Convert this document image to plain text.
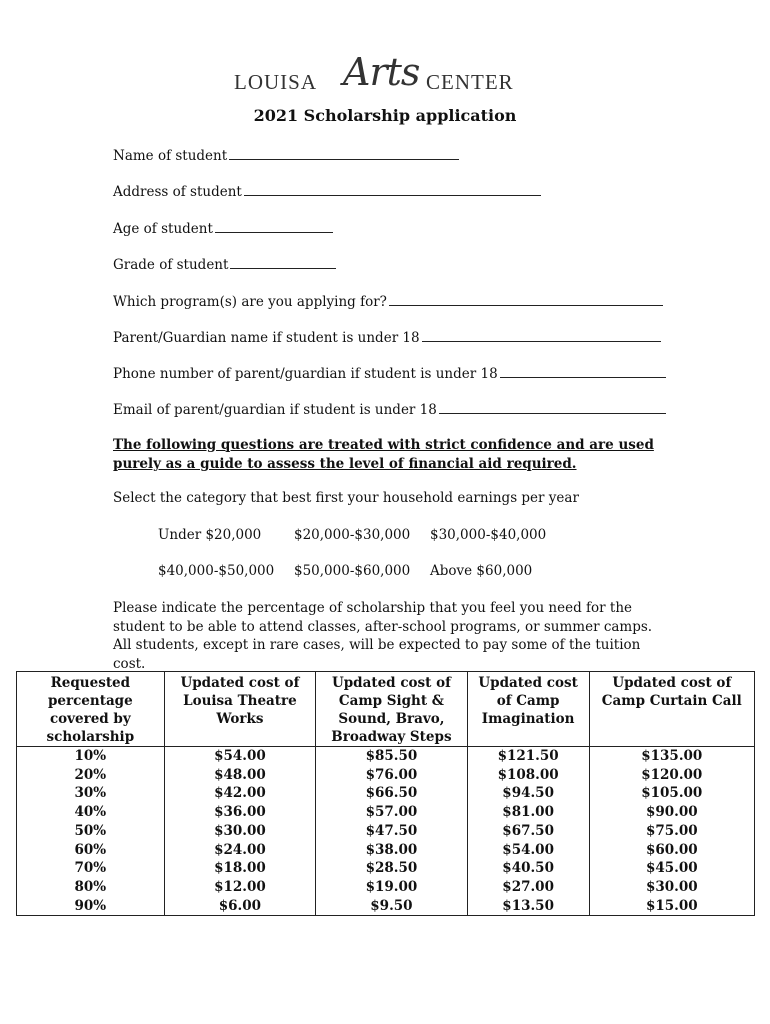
LOUISA Arts CENTER
2021 Scholarship application
Name of student
Address of student
Age of student
Grade of student
Which program(s) are you applying for?
Parent/Guardian name if student is under 18
Phone number of parent/guardian if student is under 18
Email of parent/guardian if student is under 18
The following questions are treated with strict confidence and are used purely as a guide to assess the level of financial aid required.
Select the category that best first your household earnings per year
Under $20,000 $20,000-$30,000 $30,000-$40,000
$40,000-$50,000 $50,000-$60,000 Above $60,000
Please indicate the percentage of scholarship that you feel you need for the student to be able to attend classes, after-school programs, or summer camps. All students, except in rare cases, will be expected to pay some of the tuition cost.
Requested percentage covered by scholarship	Updated cost of Louisa Theatre Works	Updated cost of Camp Sight & Sound, Bravo, Broadway Steps	Updated cost of Camp Imagination	Updated cost of Camp Curtain Call
10%	$54.00	$85.50	$121.50	$135.00
20%	$48.00	$76.00	$108.00	$120.00
30%	$42.00	$66.50	$94.50	$105.00
40%	$36.00	$57.00	$81.00	$90.00
50%	$30.00	$47.50	$67.50	$75.00
60%	$24.00	$38.00	$54.00	$60.00
70%	$18.00	$28.50	$40.50	$45.00
80%	$12.00	$19.00	$27.00	$30.00
90%	$6.00	$9.50	$13.50	$15.00
